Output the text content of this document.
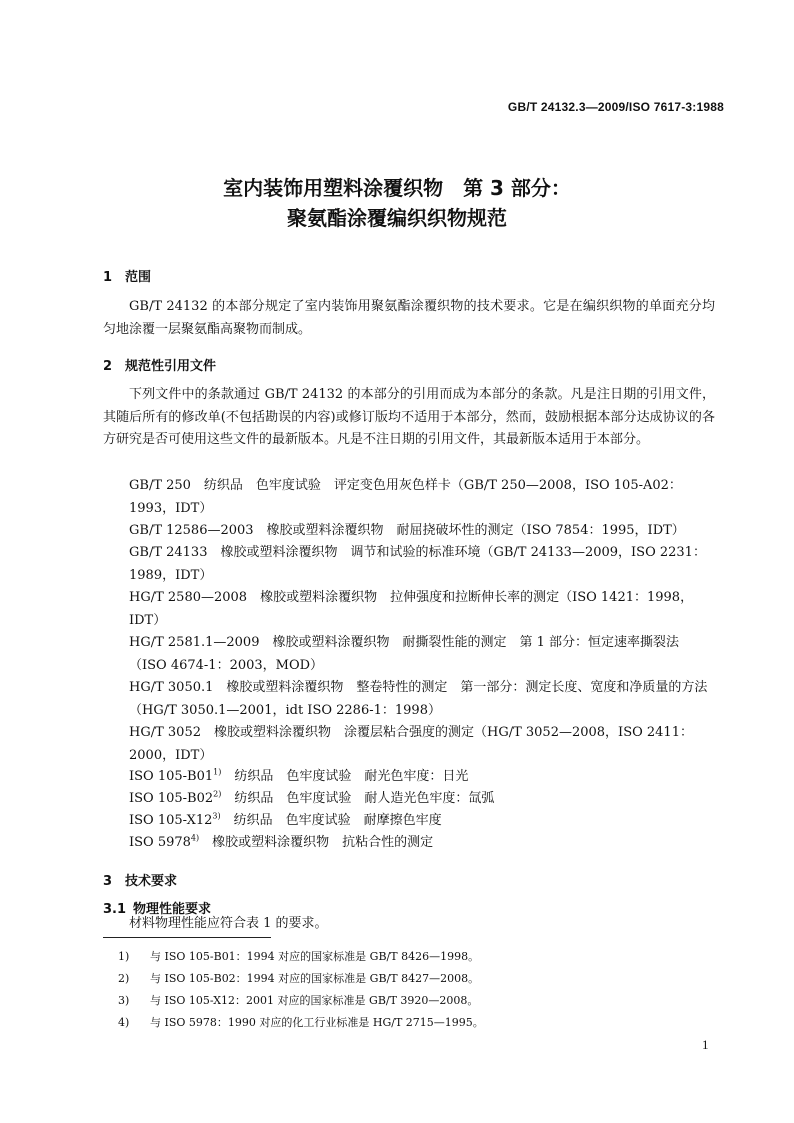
GB/T 24132.3—2009/ISO 7617-3:1988
室内装饰用塑料涂覆织物　第 3 部分：
聚氨酯涂覆编织织物规范
1 范围
GB/T 24132 的本部分规定了室内装饰用聚氨酯涂覆织物的技术要求。它是在编织织物的单面充分均匀地涂覆一层聚氨酯高聚物而制成。
2 规范性引用文件
下列文件中的条款通过 GB/T 24132 的本部分的引用而成为本部分的条款。凡是注日期的引用文件，其随后所有的修改单(不包括勘误的内容)或修订版均不适用于本部分，然而，鼓励根据本部分达成协议的各方研究是否可使用这些文件的最新版本。凡是不注日期的引用文件，其最新版本适用于本部分。
GB/T 250　纺织品　色牢度试验　评定变色用灰色样卡（GB/T 250—2008，ISO 105-A02：1993，IDT）
GB/T 12586—2003　橡胶或塑料涂覆织物　耐屈挠破坏性的测定（ISO 7854：1995，IDT）
GB/T 24133　橡胶或塑料涂覆织物　调节和试验的标准环境（GB/T 24133—2009，ISO 2231：1989，IDT）
HG/T 2580—2008　橡胶或塑料涂覆织物　拉伸强度和拉断伸长率的测定（ISO 1421：1998，IDT）
HG/T 2581.1—2009　橡胶或塑料涂覆织物　耐撕裂性能的测定　第 1 部分：恒定速率撕裂法（ISO 4674-1：2003，MOD）
HG/T 3050.1　橡胶或塑料涂覆织物　整卷特性的测定　第一部分：测定长度、宽度和净质量的方法（HG/T 3050.1—2001，idt ISO 2286-1：1998）
HG/T 3052　橡胶或塑料涂覆织物　涂覆层粘合强度的测定（HG/T 3052—2008，ISO 2411：2000，IDT）
ISO 105-B01$^{1)}$　纺织品　色牢度试验　耐光色牢度：日光
ISO 105-B02$^{2)}$　纺织品　色牢度试验　耐人造光色牢度：氙弧
ISO 105-X12$^{3)}$　纺织品　色牢度试验　耐摩擦色牢度
ISO 5978$^{4)}$　橡胶或塑料涂覆织物　抗粘合性的测定
3 技术要求
3.1 物理性能要求
材料物理性能应符合表 1 的要求。
1) 与 ISO 105-B01：1994 对应的国家标准是 GB/T 8426—1998。
2) 与 ISO 105-B02：1994 对应的国家标准是 GB/T 8427—2008。
3) 与 ISO 105-X12：2001 对应的国家标准是 GB/T 3920—2008。
4) 与 ISO 5978：1990 对应的化工行业标准是 HG/T 2715—1995。
1
